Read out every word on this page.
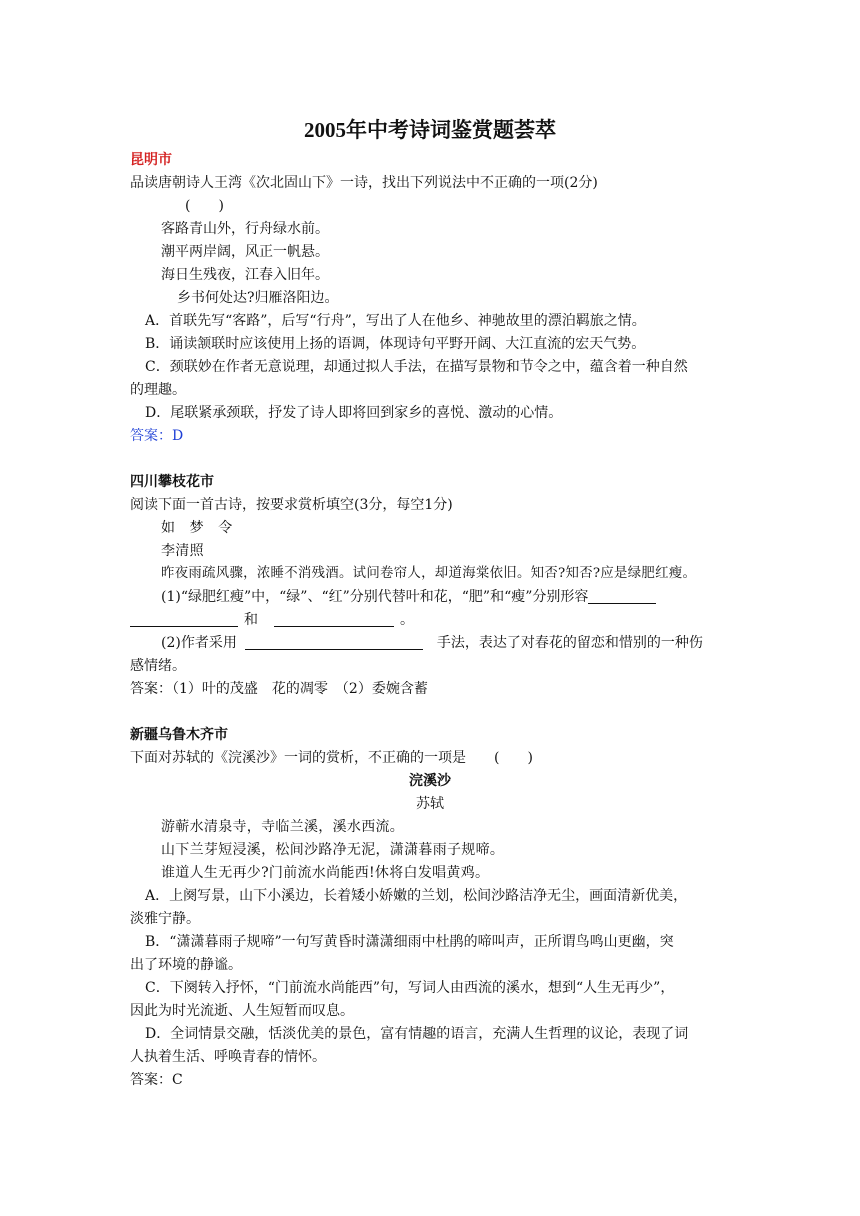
2005年中考诗词鉴赏题荟萃
昆明市
品读唐朝诗人王湾《次北固山下》一诗，找出下列说法中不正确的一项(2分)
(　　)
客路青山外，行舟绿水前。
潮平两岸阔，风正一帆悬。
海日生残夜，江春入旧年。
乡书何处达?归雁洛阳边。
A．首联先写“客路”，后写“行舟”，写出了人在他乡、神驰故里的漂泊羁旅之情。
B．诵读颔联时应该使用上扬的语调，体现诗句平野开阔、大江直流的宏天气势。
C．颈联妙在作者无意说理，却通过拟人手法，在描写景物和节令之中，蕴含着一种自然
的理趣。
D．尾联紧承颈联，抒发了诗人即将回到家乡的喜悦、激动的心情。
答案：D
四川攀枝花市
阅读下面一首古诗，按要求赏析填空(3分，每空1分)
如　梦　令
李清照
昨夜雨疏风骤，浓睡不消残酒。试问卷帘人，却道海棠依旧。知否?知否?应是绿肥红瘦。
(1)“绿肥红瘦”中，“绿”、“红”分别代替叶和花，“肥”和“瘦”分别形容
和	。
(2)作者采用	手法，表达了对春花的留恋和惜别的一种伤
感情绪。
答案：（1）叶的茂盛　花的凋零　（2）委婉含蓄
新疆乌鲁木齐市
下面对苏轼的《浣溪沙》一词的赏析，不正确的一项是　　(　　)
浣溪沙
苏轼
游蕲水清泉寺，寺临兰溪，溪水西流。
山下兰芽短浸溪，松间沙路净无泥，潇潇暮雨子规啼。
谁道人生无再少?门前流水尚能西!休将白发唱黄鸡。
A．上阕写景，山下小溪边，长着矮小娇嫩的兰划，松间沙路洁净无尘，画面清新优美，
淡雅宁静。
B．“潇潇暮雨子规啼”一句写黄昏时潇潇细雨中杜鹃的啼叫声，正所谓鸟鸣山更幽，突
出了环境的静谧。
C．下阕转入抒怀，“门前流水尚能西”句，写词人由西流的溪水，想到“人生无再少”，
因此为时光流逝、人生短暂而叹息。
D．全词情景交融，恬淡优美的景色，富有情趣的语言，充满人生哲理的议论，表现了词
人执着生活、呼唤青春的情怀。
答案：C
